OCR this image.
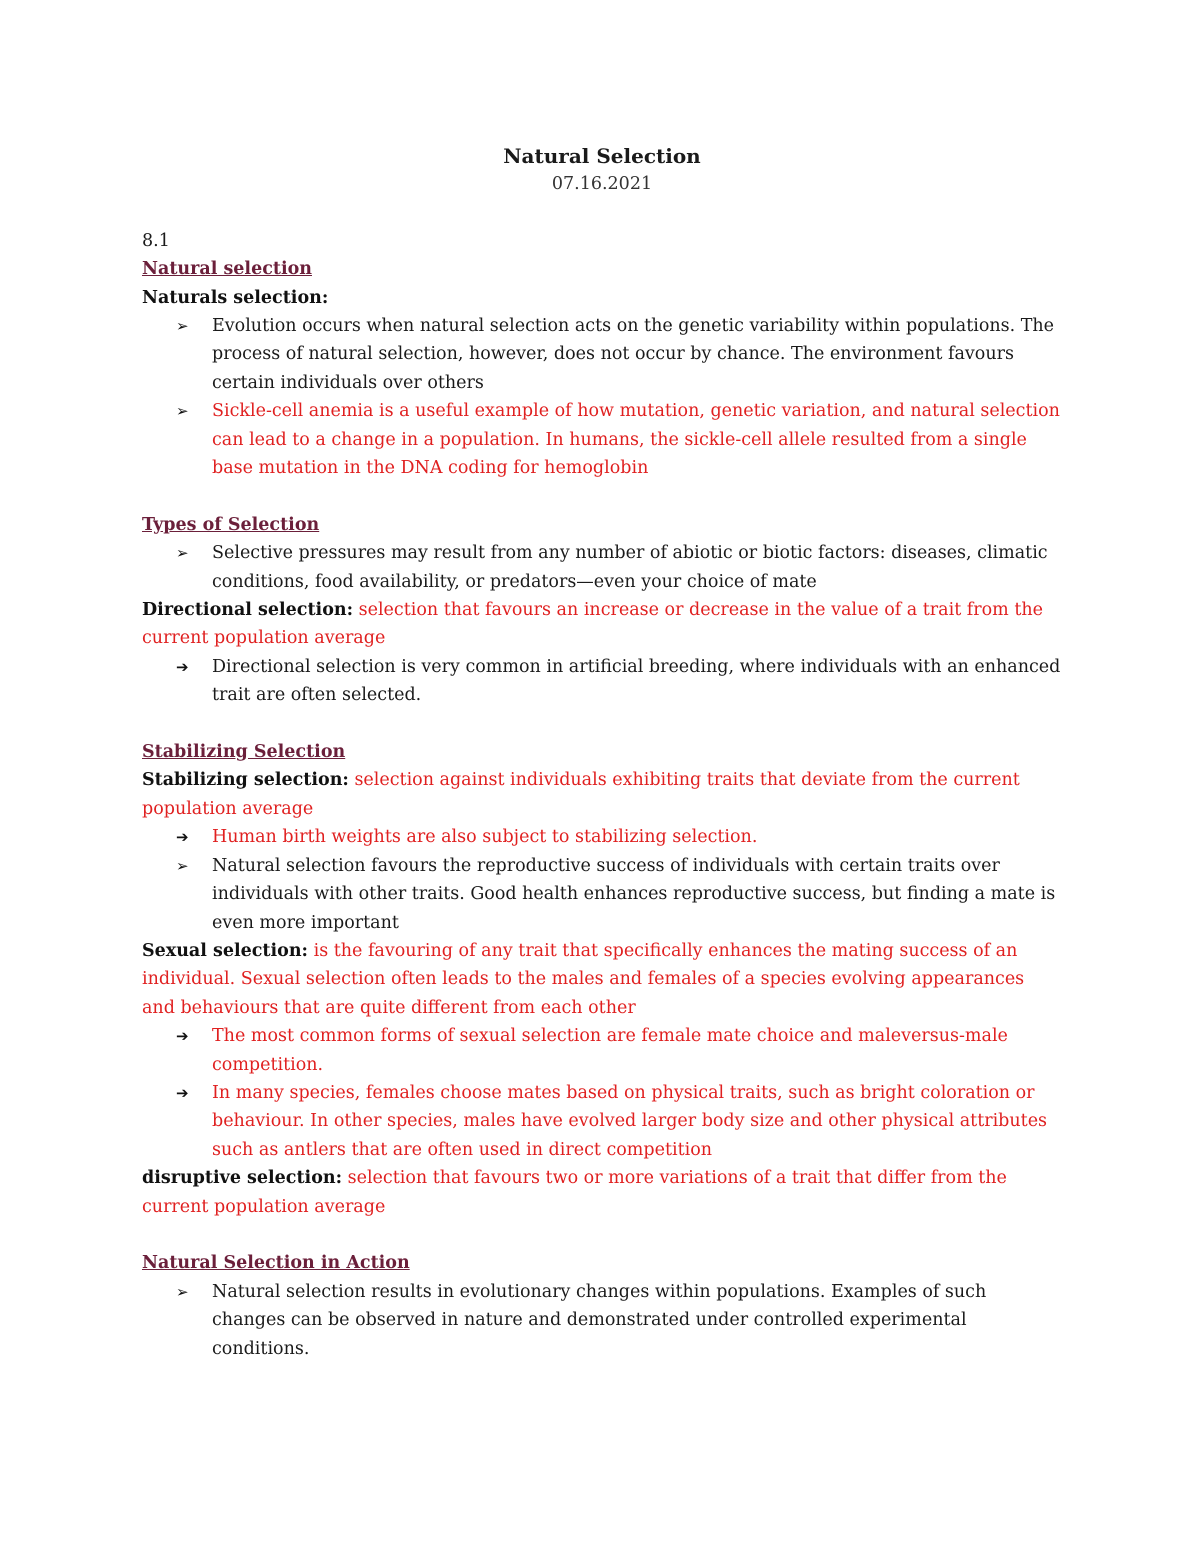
Natural Selection

07.16.2021

8.1

Natural selection

Naturals selection:

➢	Evolution occurs when natural selection acts on the genetic variability within populations. The process of natural selection, however, does not occur by chance. The environment favours certain individuals over others
➢	Sickle-cell anemia is a useful example of how mutation, genetic variation, and natural selection can lead to a change in a population. In humans, the sickle-cell allele resulted from a single base mutation in the DNA coding for hemoglobin

Types of Selection

➢	Selective pressures may result from any number of abiotic or biotic factors: diseases, climatic conditions, food availability, or predators—even your choice of mate

Directional selection: selection that favours an increase or decrease in the value of a trait from the current population average

➔	Directional selection is very common in artificial breeding, where individuals with an enhanced trait are often selected.

Stabilizing Selection

Stabilizing selection: selection against individuals exhibiting traits that deviate from the current population average

➔	Human birth weights are also subject to stabilizing selection.
➢	Natural selection favours the reproductive success of individuals with certain traits over individuals with other traits. Good health enhances reproductive success, but finding a mate is even more important

Sexual selection: is the favouring of any trait that specifically enhances the mating success of an individual. Sexual selection often leads to the males and females of a species evolving appearances and behaviours that are quite different from each other

➔	The most common forms of sexual selection are female mate choice and maleversus-male competition.
➔	In many species, females choose mates based on physical traits, such as bright coloration or behaviour. In other species, males have evolved larger body size and other physical attributes such as antlers that are often used in direct competition

disruptive selection: selection that favours two or more variations of a trait that differ from the current population average

Natural Selection in Action

➢	Natural selection results in evolutionary changes within populations. Examples of such changes can be observed in nature and demonstrated under controlled experimental conditions.
